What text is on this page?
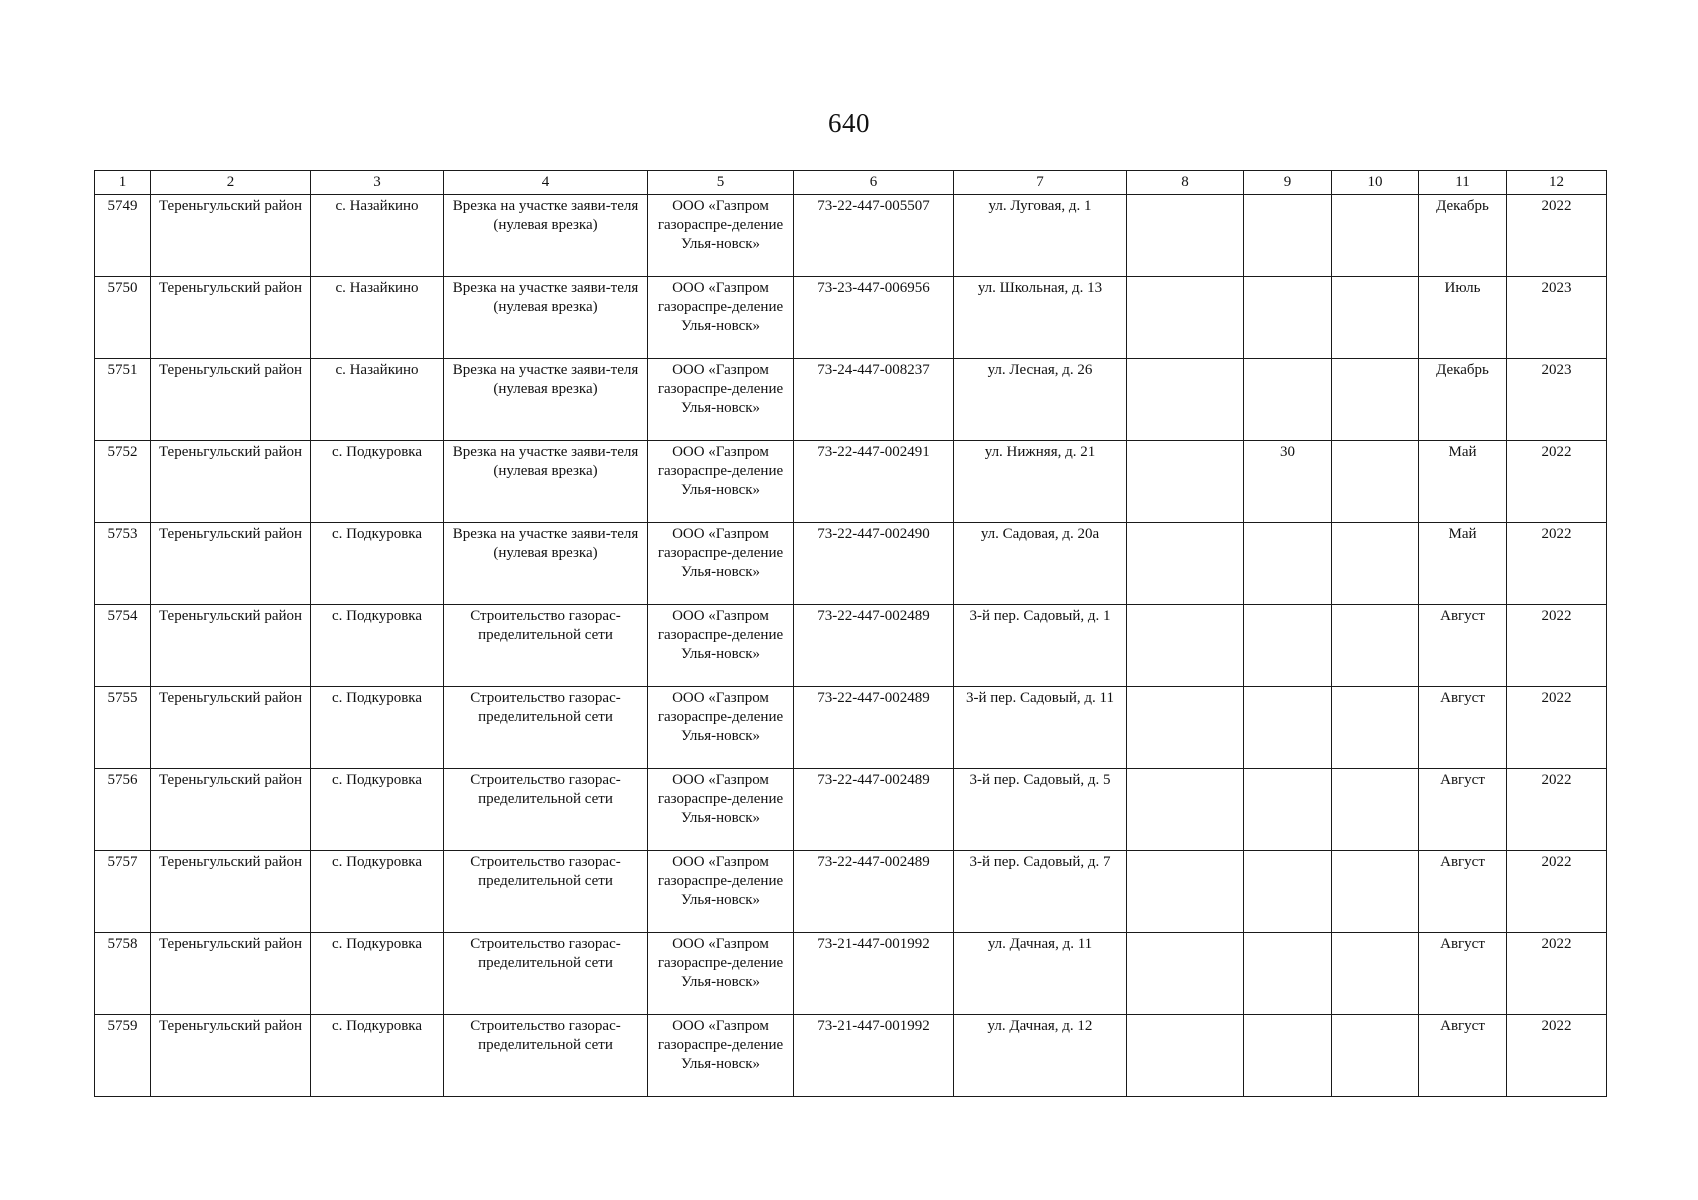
640
1	2	3	4	5	6	7	8	9	10	11	12
5749	Тереньгульский район	с. Назайкино	Врезка на участке заяви-теля (нулевая врезка)	ООО «Газпром газораспре-деление Улья-новск»	73-22-447-005507	ул. Луговая, д. 1				Декабрь	2022
5750	Тереньгульский район	с. Назайкино	Врезка на участке заяви-теля (нулевая врезка)	ООО «Газпром газораспре-деление Улья-новск»	73-23-447-006956	ул. Школьная, д. 13				Июль	2023
5751	Тереньгульский район	с. Назайкино	Врезка на участке заяви-теля (нулевая врезка)	ООО «Газпром газораспре-деление Улья-новск»	73-24-447-008237	ул. Лесная, д. 26				Декабрь	2023
5752	Тереньгульский район	с. Подкуровка	Врезка на участке заяви-теля (нулевая врезка)	ООО «Газпром газораспре-деление Улья-новск»	73-22-447-002491	ул. Нижняя, д. 21		30		Май	2022
5753	Тереньгульский район	с. Подкуровка	Врезка на участке заяви-теля (нулевая врезка)	ООО «Газпром газораспре-деление Улья-новск»	73-22-447-002490	ул. Садовая, д. 20а				Май	2022
5754	Тереньгульский район	с. Подкуровка	Строительство газорас-пределительной сети	ООО «Газпром газораспре-деление Улья-новск»	73-22-447-002489	3-й пер. Садовый, д. 1				Август	2022
5755	Тереньгульский район	с. Подкуровка	Строительство газорас-пределительной сети	ООО «Газпром газораспре-деление Улья-новск»	73-22-447-002489	3-й пер. Садовый, д. 11				Август	2022
5756	Тереньгульский район	с. Подкуровка	Строительство газорас-пределительной сети	ООО «Газпром газораспре-деление Улья-новск»	73-22-447-002489	3-й пер. Садовый, д. 5				Август	2022
5757	Тереньгульский район	с. Подкуровка	Строительство газорас-пределительной сети	ООО «Газпром газораспре-деление Улья-новск»	73-22-447-002489	3-й пер. Садовый, д. 7				Август	2022
5758	Тереньгульский район	с. Подкуровка	Строительство газорас-пределительной сети	ООО «Газпром газораспре-деление Улья-новск»	73-21-447-001992	ул. Дачная, д. 11				Август	2022
5759	Тереньгульский район	с. Подкуровка	Строительство газорас-пределительной сети	ООО «Газпром газораспре-деление Улья-новск»	73-21-447-001992	ул. Дачная, д. 12				Август	2022
